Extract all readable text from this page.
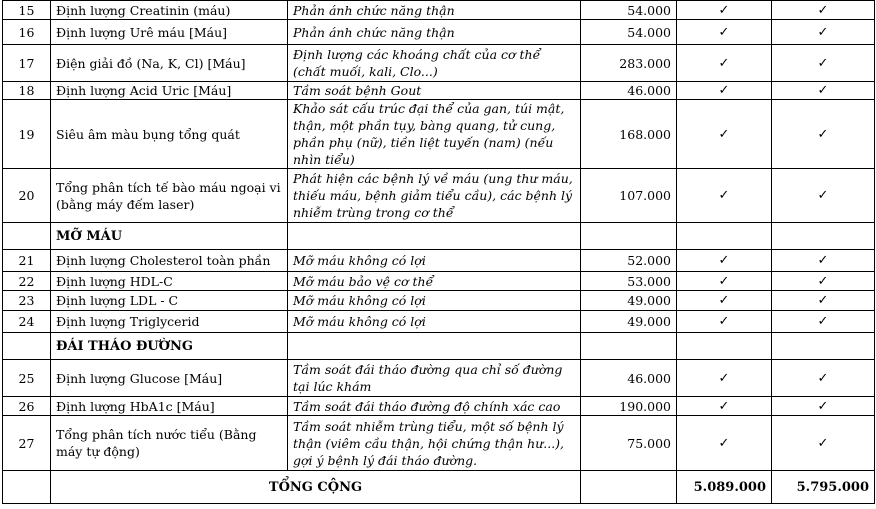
15	Định lượng Creatinin (máu)	Phản ánh chức năng thận	54.000	✓	✓
16	Định lượng Urê máu [Máu]	Phản ánh chức năng thận	54.000	✓	✓
17	Điện giải đồ (Na, K, Cl) [Máu]	Định lượng các khoáng chất của cơ thể (chất muối, kali, Clo...)	283.000	✓	✓
18	Định lượng Acid Uric [Máu]	Tầm soát bệnh Gout	46.000	✓	✓
19	Siêu âm màu bụng tổng quát	Khảo sát cấu trúc đại thể của gan, túi mật, thận, một phần tụy, bàng quang, tử cung, phần phụ (nữ), tiền liệt tuyến (nam) (nếu nhìn tiểu)	168.000	✓	✓
20	Tổng phân tích tế bào máu ngoại vi (bằng máy đếm laser)	Phát hiện các bệnh lý về máu (ung thư máu, thiếu máu, bệnh giảm tiểu cầu), các bệnh lý nhiễm trùng trong cơ thể	107.000	✓	✓
	MỠ MÁU				
21	Định lượng Cholesterol toàn phần	Mỡ máu không có lợi	52.000	✓	✓
22	Định lượng HDL-C	Mỡ máu bảo vệ cơ thể	53.000	✓	✓
23	Định lượng LDL - C	Mỡ máu không có lợi	49.000	✓	✓
24	Định lượng Triglycerid	Mỡ máu không có lợi	49.000	✓	✓
	ĐÁI THÁO ĐƯỜNG				
25	Định lượng Glucose [Máu]	Tầm soát đái tháo đường qua chỉ số đường tại lúc khám	46.000	✓	✓
26	Định lượng HbA1c [Máu]	Tầm soát đái tháo đường độ chính xác cao	190.000	✓	✓
27	Tổng phân tích nước tiểu (Bằng máy tự động)	Tầm soát nhiễm trùng tiểu, một số bệnh lý thận (viêm cầu thận, hội chứng thận hư...), gợi ý bệnh lý đái tháo đường.	75.000	✓	✓
	TỔNG CỘNG			5.089.000	5.795.000
